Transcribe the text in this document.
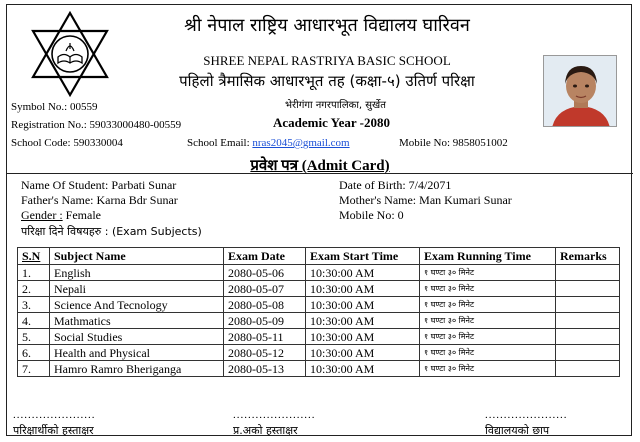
श्री नेपाल राष्ट्रिय आधारभूत विद्यालय घारिवन
SHREE NEPAL RASTRIYA BASIC SCHOOL
पहिलो त्रैमासिक आधारभूत तह (कक्षा-५) उतिर्ण परिक्षा
भेरीगंगा नगरपालिका, सुर्खेत
Symbol No.: 00559
Registration No.: 59033000480-00559	Academic Year -2080
School Code: 590330004	School Email: nras2045@gmail.com	Mobile No: 9858051002
प्रवेश पत्र (Admit Card)
Name Of Student: Parbati Sunar
Father's Name: Karna Bdr Sunar
Gender : Female
Date of Birth: 7/4/2071
Mother's Name: Man Kumari Sunar
Mobile No: 0
परिक्षा दिने विषयहरु : (Exam Subjects)
S.N	Subject Name	Exam Date	Exam Start Time	Exam Running Time	Remarks
1.	English	2080-05-06	10:30:00 AM	१ घण्टा ३० मिनेट	
2.	Nepali	2080-05-07	10:30:00 AM	१ घण्टा ३० मिनेट	
3.	Science And Tecnology	2080-05-08	10:30:00 AM	१ घण्टा ३० मिनेट	
4.	Mathmatics	2080-05-09	10:30:00 AM	१ घण्टा ३० मिनेट	
5.	Social Studies	2080-05-11	10:30:00 AM	१ घण्टा ३० मिनेट	
6.	Health and Physical	2080-05-12	10:30:00 AM	१ घण्टा ३० मिनेट	
7.	Hamro Ramro Bheriganga	2080-05-13	10:30:00 AM	१ घण्टा ३० मिनेट	
......................	......................	......................
परिक्षार्थीको हस्ताक्षर	प्र.अको हस्ताक्षर	विद्यालयको छाप
